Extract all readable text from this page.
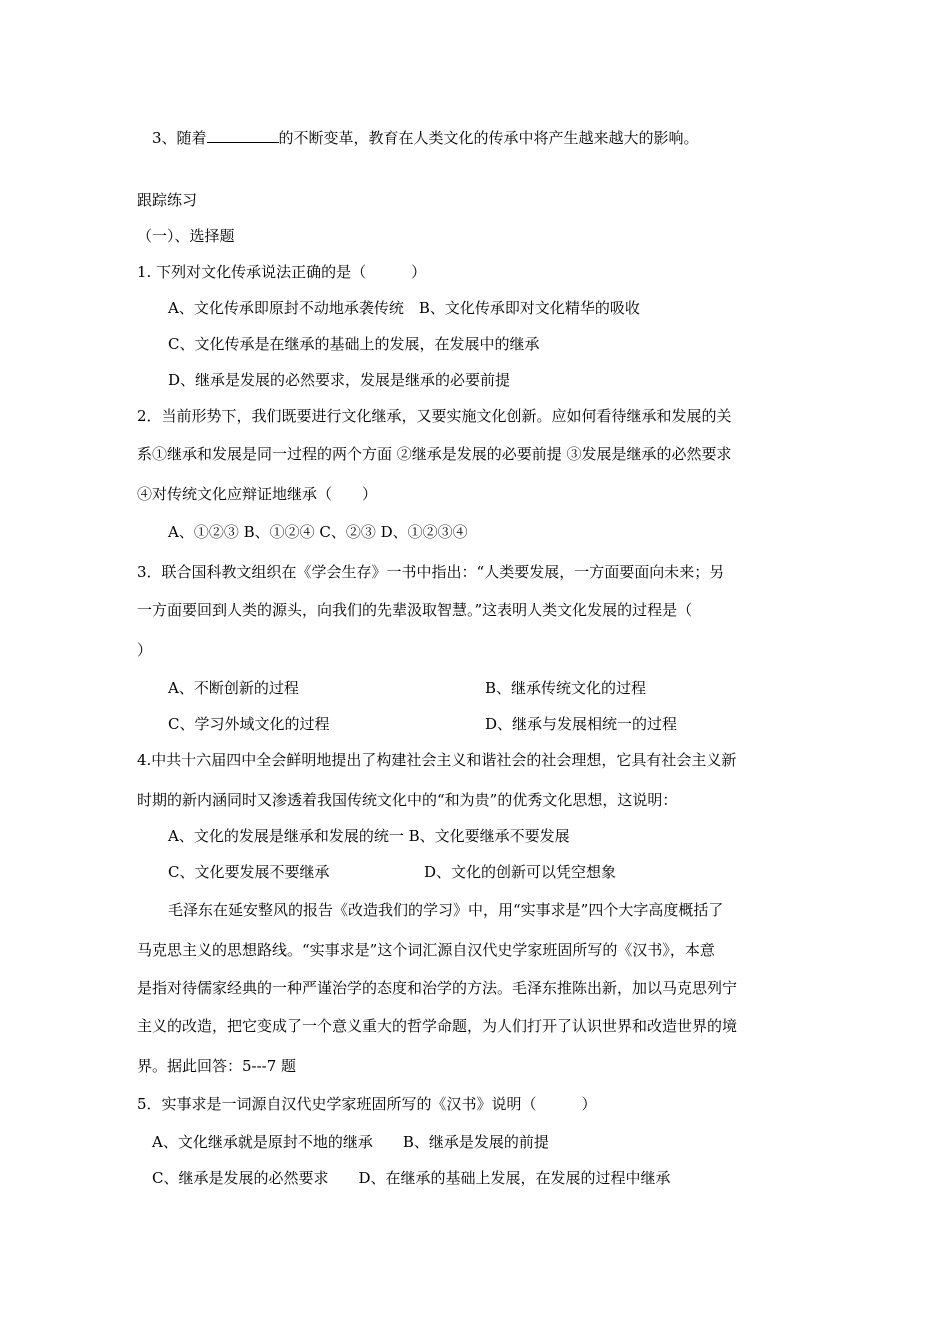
3、随着	的不断变革，教育在人类文化的传承中将产生越来越大的影响。
跟踪练习
（一）、选择题
1. 下列对文化传承说法正确的是（　　　）
A、文化传承即原封不动地承袭传统　B、文化传承即对文化精华的吸收
C、文化传承是在继承的基础上的发展，在发展中的继承
D、继承是发展的必然要求，发展是继承的必要前提
2．当前形势下，我们既要进行文化继承，又要实施文化创新。应如何看待继承和发展的关
系①继承和发展是同一过程的两个方面 ②继承是发展的必要前提 ③发展是继承的必然要求
④对传统文化应辩证地继承（　　）
A、①②③ B、①②④ C、②③ D、①②③④
3．联合国科教文组织在《学会生存》一书中指出：“人类要发展，一方面要面向未来；另
一方面要回到人类的源头，向我们的先辈汲取智慧。”这表明人类文化发展的过程是（
）
A、不断创新的过程	B、继承传统文化的过程
C、学习外域文化的过程	D、继承与发展相统一的过程
4.中共十六届四中全会鲜明地提出了构建社会主义和谐社会的社会理想，它具有社会主义新
时期的新内涵同时又渗透着我国传统文化中的“和为贵”的优秀文化思想，这说明：
A、文化的发展是继承和发展的统一 B、文化要继承不要发展
C、文化要发展不要继承	D、文化的创新可以凭空想象
毛泽东在延安整风的报告《改造我们的学习》中，用“实事求是”四个大字高度概括了
马克思主义的思想路线。“实事求是”这个词汇源自汉代史学家班固所写的《汉书》，本意
是指对待儒家经典的一种严谨治学的态度和治学的方法。毛泽东推陈出新，加以马克思列宁
主义的改造，把它变成了一个意义重大的哲学命题，为人们打开了认识世界和改造世界的境
界。据此回答：5---7 题
5．实事求是一词源自汉代史学家班固所写的《汉书》说明（　　　）
A、文化继承就是原封不地的继承　　B、继承是发展的前提
C、继承是发展的必然要求　　D、在继承的基础上发展，在发展的过程中继承
